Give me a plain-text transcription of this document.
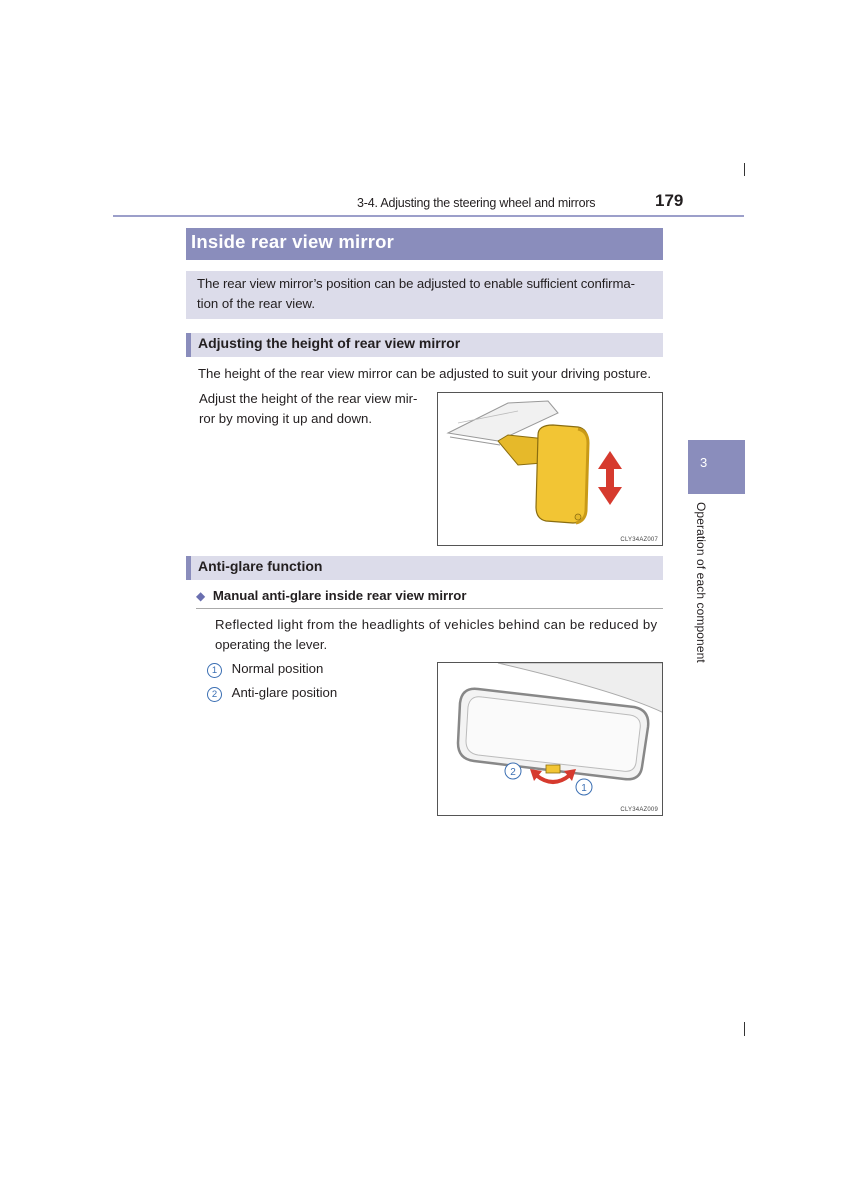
3-4. Adjusting the steering wheel and mirrors	179
Inside rear view mirror
The rear view mirror’s position can be adjusted to enable sufficient confirma-
tion of the rear view.
Adjusting the height of rear view mirror
The height of the rear view mirror can be adjusted to suit your driving posture.
Adjust the height of the rear view mir-
ror by moving it up and down.
CLY34AZ007
Anti-glare function
◆ Manual anti-glare inside rear view mirror
Reflected light from the headlights of vehicles behind can be reduced by
operating the lever.
1 Normal position
2 Anti-glare position
2
1
CLY34AZ009
3
Operation of each component
